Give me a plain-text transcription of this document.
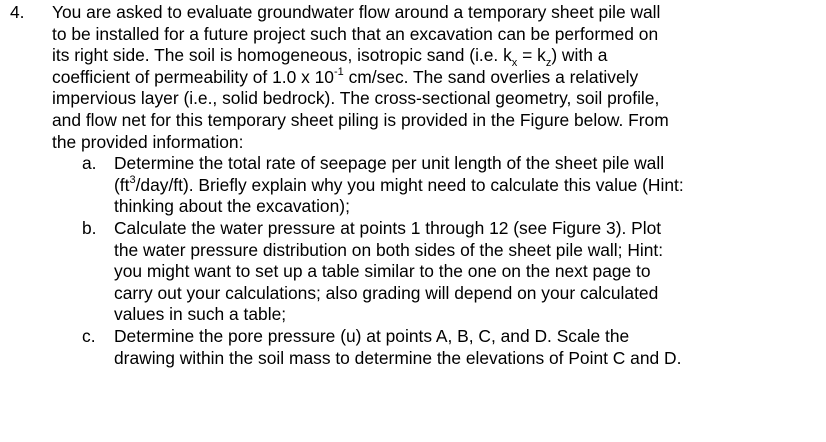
4.	You are asked to evaluate groundwater flow around a temporary sheet pile wall
to be installed for a future project such that an excavation can be performed on
its right side. The soil is homogeneous, isotropic sand (i.e. $k_x = k_z$) with a
coefficient of permeability of 1.0 x $10^{-1}$ cm/sec. The sand overlies a relatively
impervious layer (i.e., solid bedrock). The cross-sectional geometry, soil profile,
and flow net for this temporary sheet piling is provided in the Figure below. From
the provided information:
a.	Determine the total rate of seepage per unit length of the sheet pile wall
$(ft^3/day/ft)$. Briefly explain why you might need to calculate this value (Hint:
thinking about the excavation);
b.	Calculate the water pressure at points 1 through 12 (see Figure 3). Plot
the water pressure distribution on both sides of the sheet pile wall; Hint:
you might want to set up a table similar to the one on the next page to
carry out your calculations; also grading will depend on your calculated
values in such a table;
c.	Determine the pore pressure (u) at points A, B, C, and D. Scale the
drawing within the soil mass to determine the elevations of Point C and D.
